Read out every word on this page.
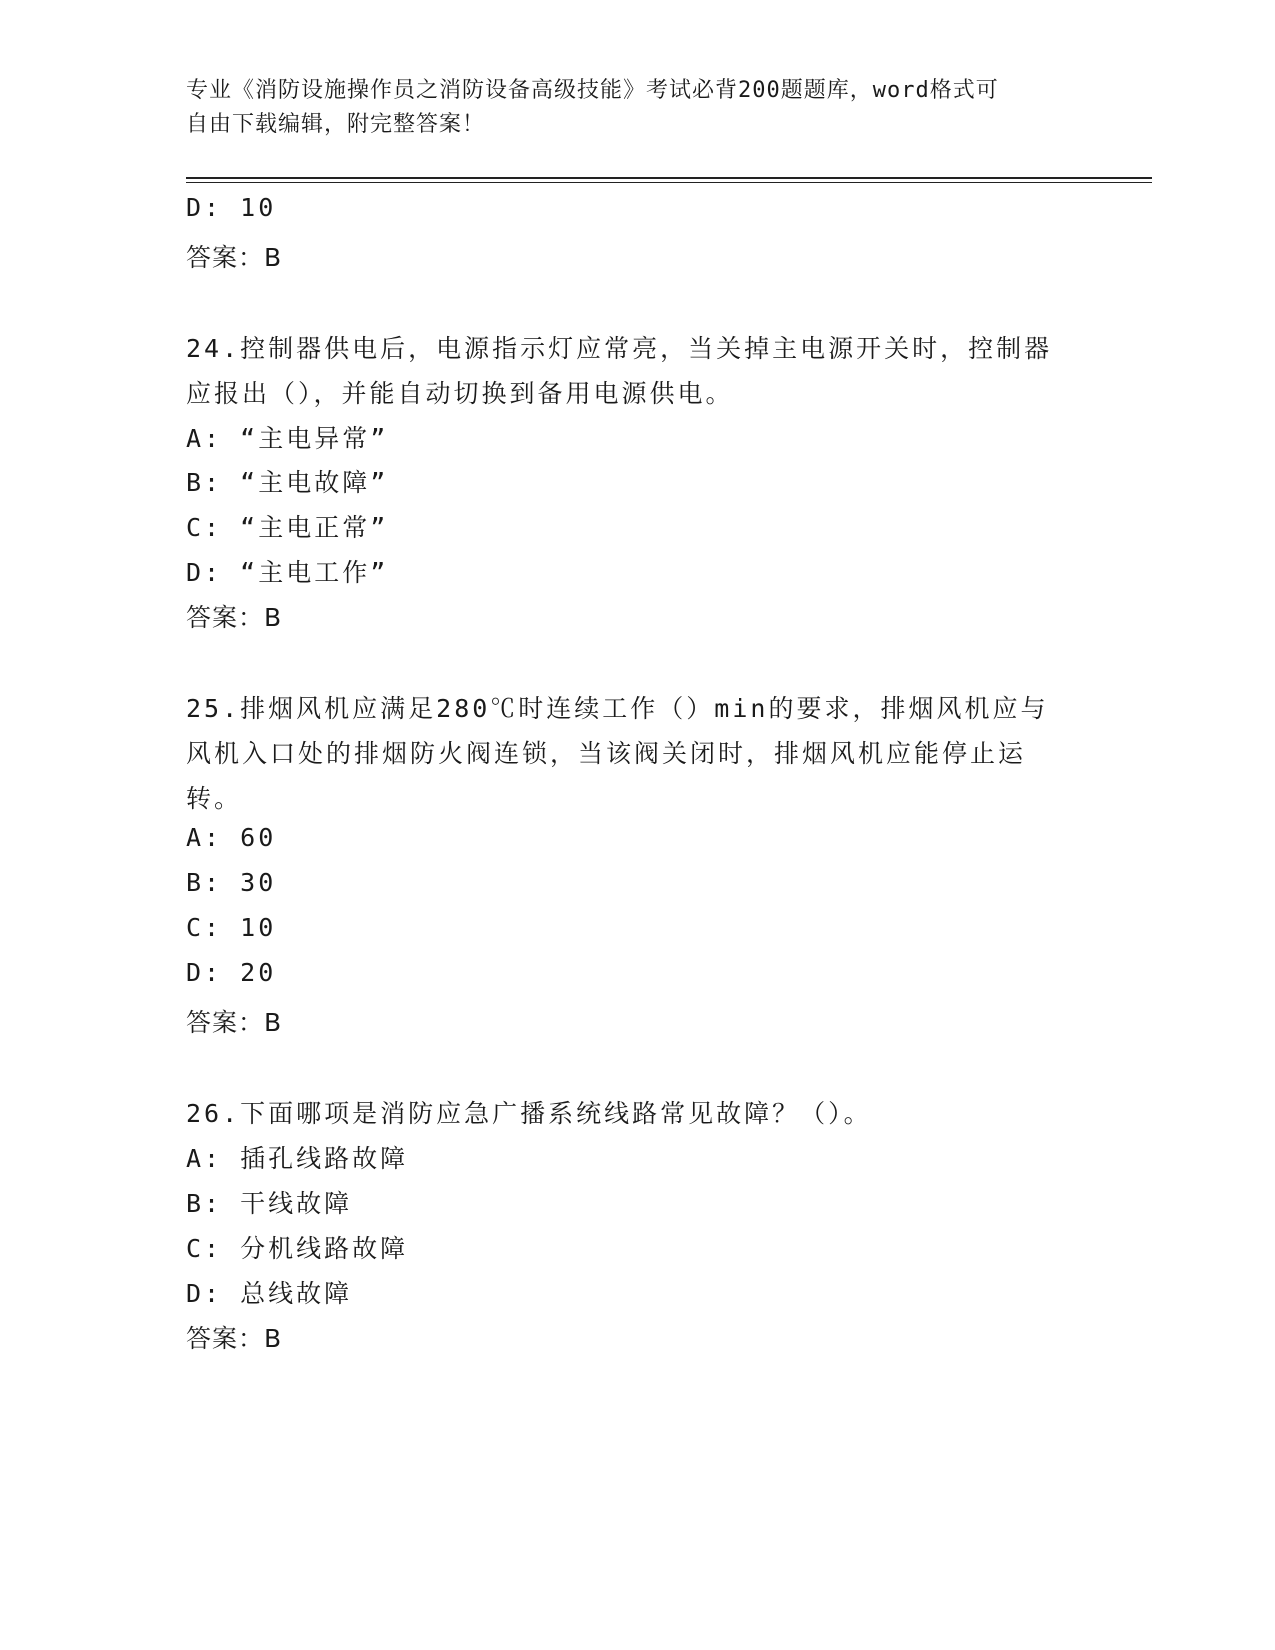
专业《消防设施操作员之消防设备高级技能》考试必背200题题库，word格式可
自由下载编辑，附完整答案！
D: 10
答案：B
24.控制器供电后，电源指示灯应常亮，当关掉主电源开关时，控制器
应报出（），并能自动切换到备用电源供电。
A: “主电异常”
B: “主电故障”
C: “主电正常”
D: “主电工作”
答案：B
25.排烟风机应满足280℃时连续工作（）min的要求，排烟风机应与
风机入口处的排烟防火阀连锁，当该阀关闭时，排烟风机应能停止运
转。
A: 60
B: 30
C: 10
D: 20
答案：B
26.下面哪项是消防应急广播系统线路常见故障？（）。
A: 插孔线路故障
B: 干线故障
C: 分机线路故障
D: 总线故障
答案：B
